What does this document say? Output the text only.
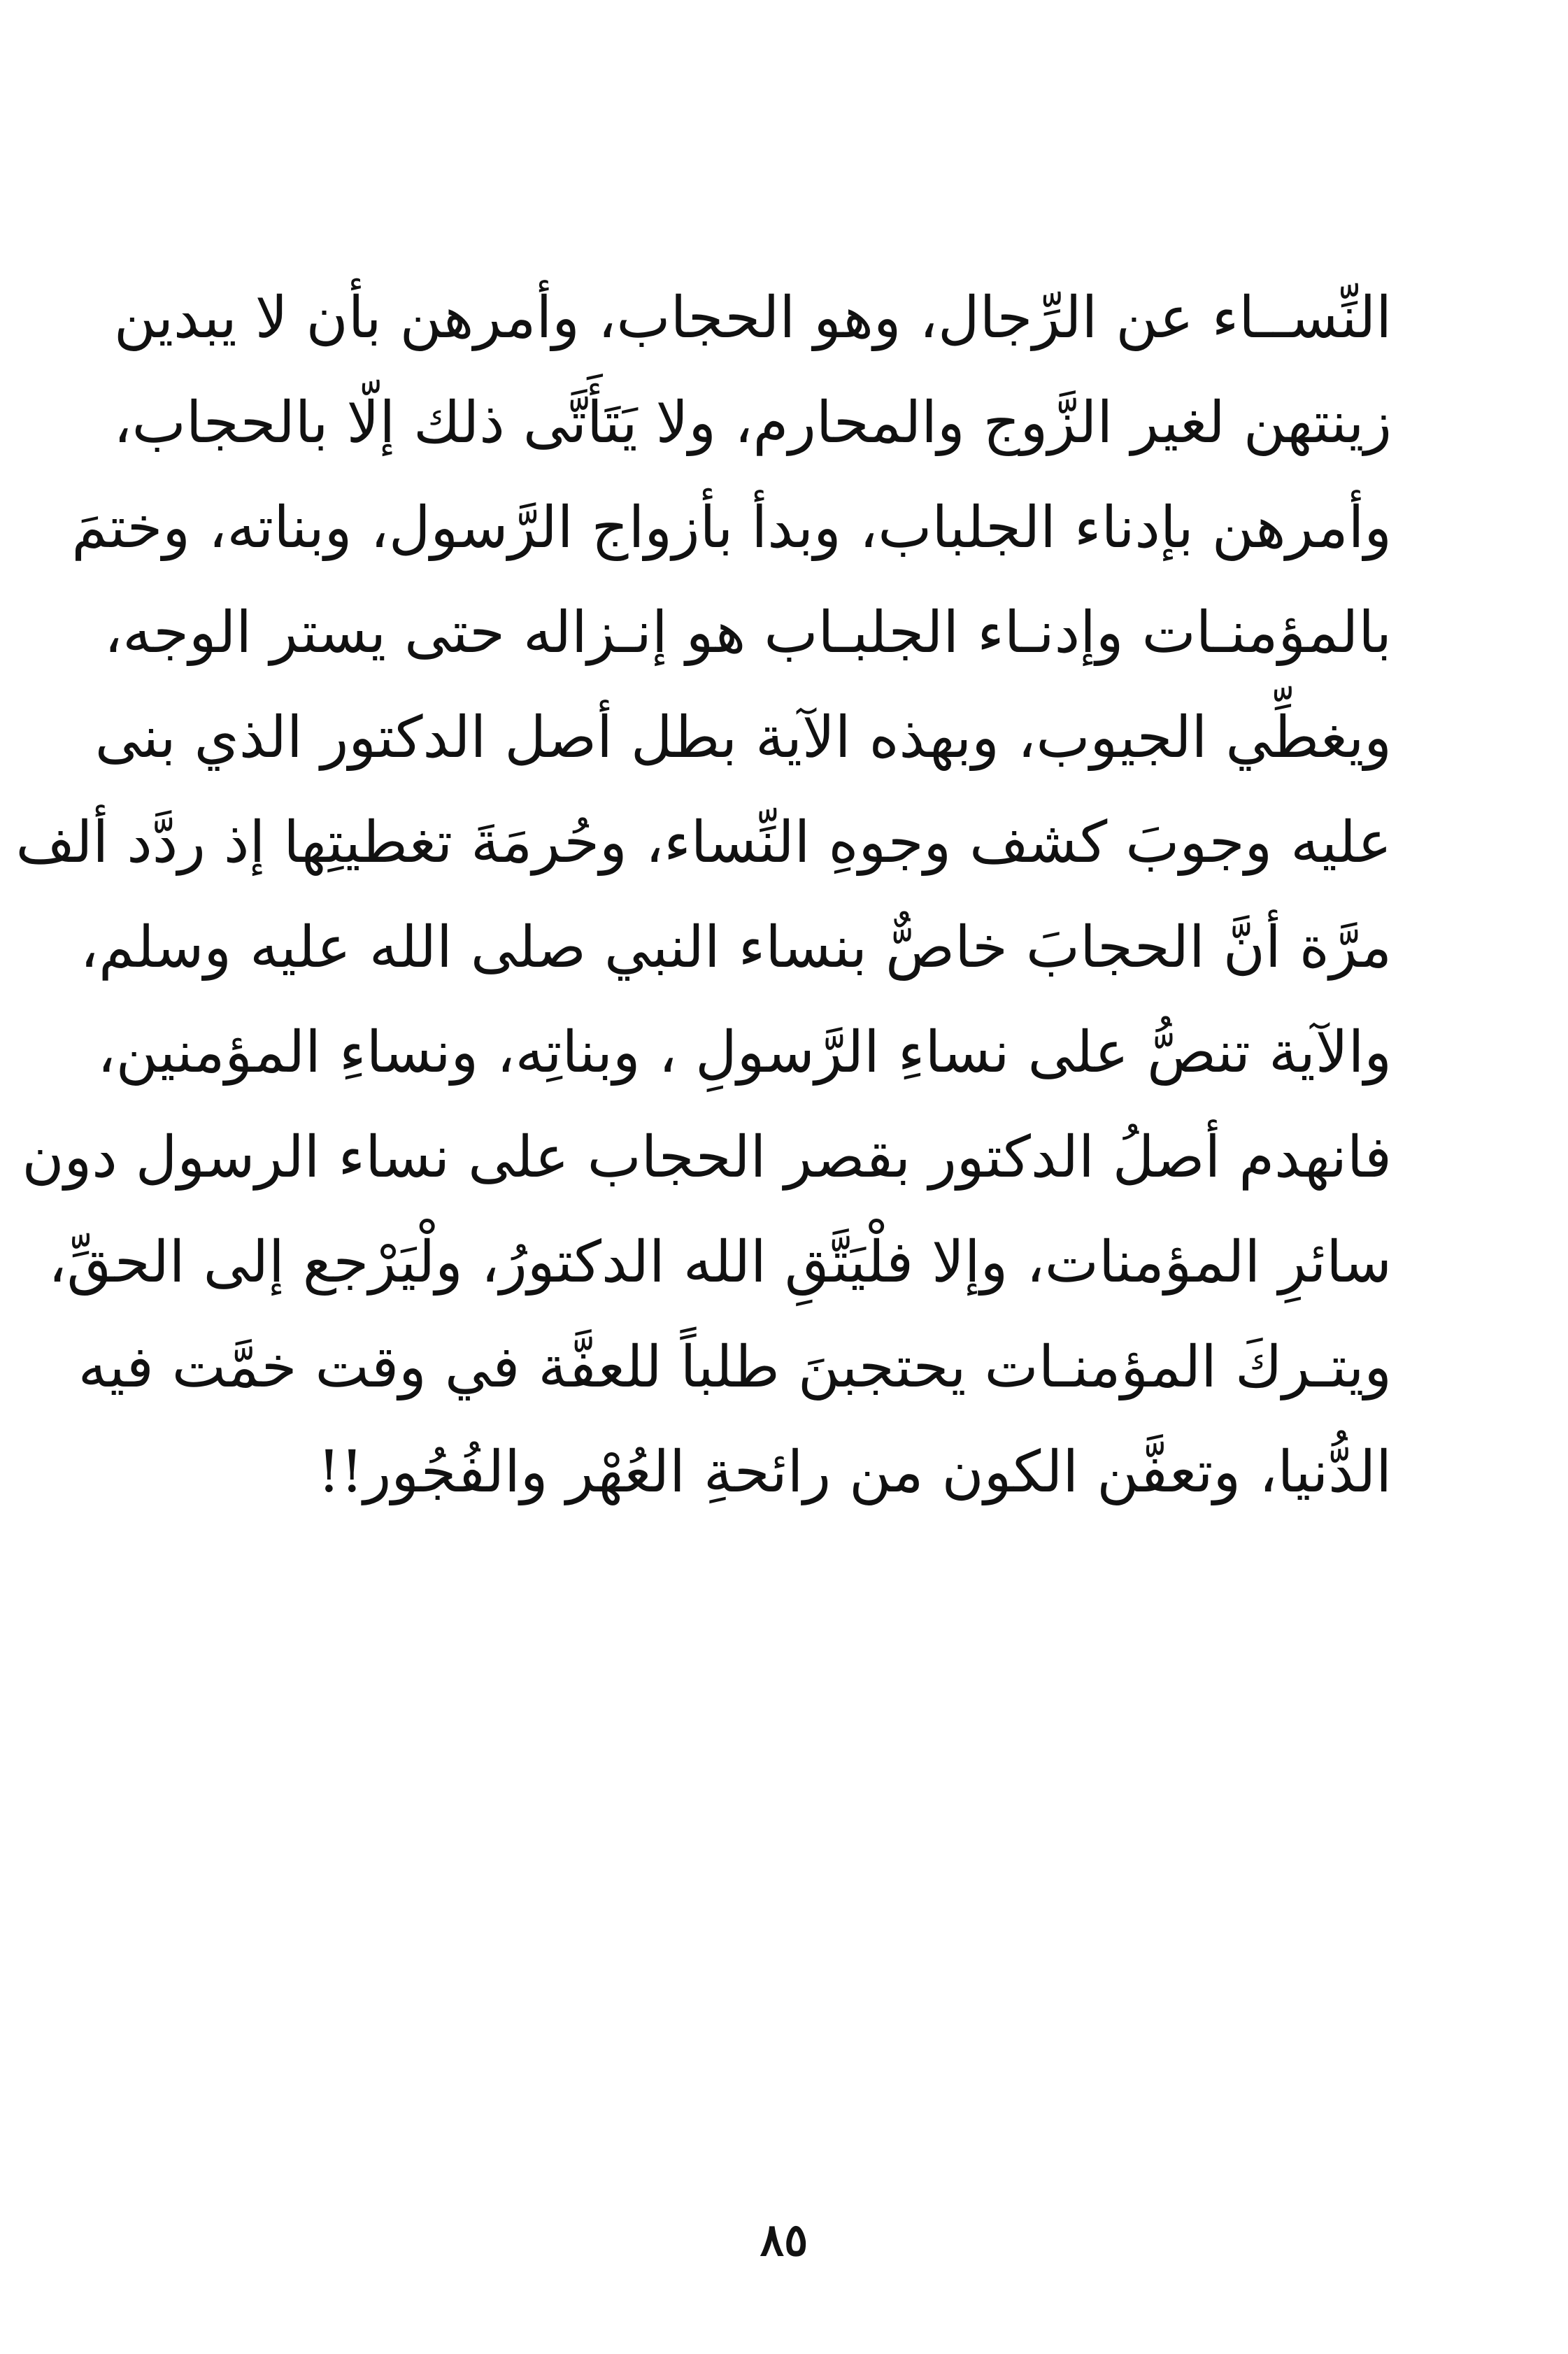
النِّســاء عن الرِّجال، وهو الحجاب، وأمرهن بأن لا يبدين
زينتهن لغير الزَّوج والمحارم، ولا يَتَأَتَّى ذلك إلّا بالحجاب،
وأمرهن بإدناء الجلباب، وبدأ بأزواج الرَّسول، وبناته، وختمَ
بالمؤمنـات وإدنـاء الجلبـاب هو إنـزاله حتى يستر الوجه،
ويغطِّي الجيوب، وبهذه الآية بطل أصل الدكتور الذي بنى
عليه وجوبَ كشف وجوهِ النِّساء، وحُرمَةَ تغطيتِها إذ ردَّد ألف
مرَّة أنَّ الحجابَ خاصٌّ بنساء النبي صلى الله عليه وسلم،
والآية تنصُّ على نساءِ الرَّسولِ ، وبناتِه، ونساءِ المؤمنين،
فانهدم أصلُ الدكتور بقصر الحجاب على نساء الرسول دون
سائرِ المؤمنات، وإلا فلْيَتَّقِ الله الدكتورُ، ولْيَرْجع إلى الحقِّ،
ويتـركَ المؤمنـات يحتجبنَ طلباً للعفَّة في وقت خمَّت فيه
الدُّنيا، وتعفَّن الكون من رائحةِ العُهْر والفُجُور!!
٨٥
